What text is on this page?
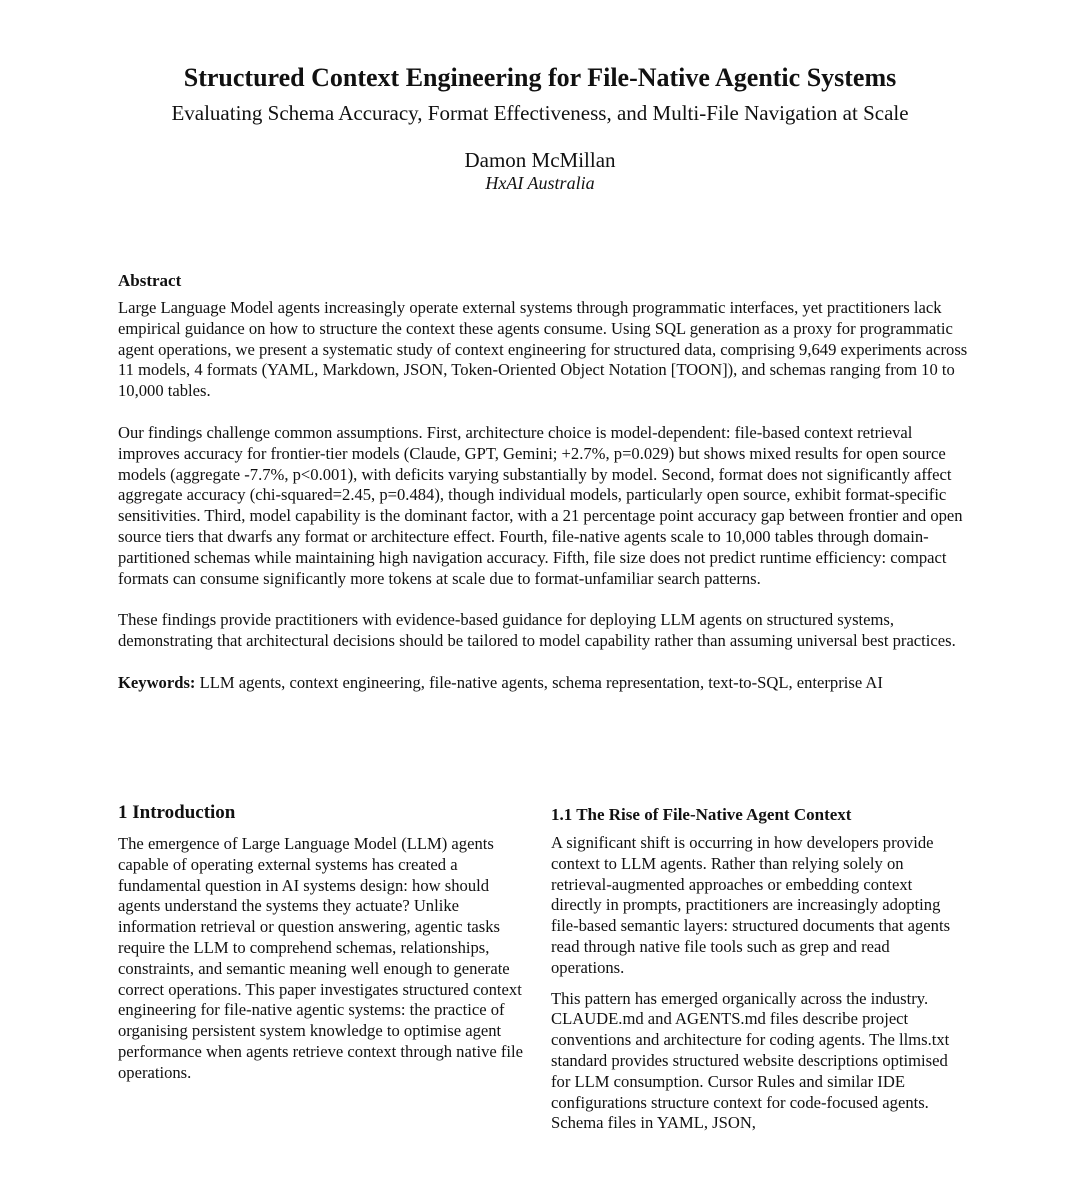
Structured Context Engineering for File-Native Agentic Systems
Evaluating Schema Accuracy, Format Effectiveness, and Multi-File Navigation at Scale
Damon McMillan
HxAI Australia
Abstract

Large Language Model agents increasingly operate external systems through programmatic interfaces, yet practitioners lack empirical guidance on how to structure the context these agents consume. Using SQL generation as a proxy for programmatic agent operations, we present a systematic study of context engineering for structured data, comprising 9,649 experiments across 11 models, 4 formats (YAML, Markdown, JSON, Token-Oriented Object Notation [TOON]), and schemas ranging from 10 to 10,000 tables.

Our findings challenge common assumptions. First, architecture choice is model-dependent: file-based context retrieval improves accuracy for frontier-tier models (Claude, GPT, Gemini; +2.7%, p=0.029) but shows mixed results for open source models (aggregate -7.7%, p<0.001), with deficits varying substantially by model. Second, format does not significantly affect aggregate accuracy (chi-squared=2.45, p=0.484), though individual models, particularly open source, exhibit format-specific sensitivities. Third, model capability is the dominant factor, with a 21 percentage point accuracy gap between frontier and open source tiers that dwarfs any format or architecture effect. Fourth, file-native agents scale to 10,000 tables through domain-partitioned schemas while maintaining high navigation accuracy. Fifth, file size does not predict runtime efficiency: compact formats can consume significantly more tokens at scale due to format-unfamiliar search patterns.

These findings provide practitioners with evidence-based guidance for deploying LLM agents on structured systems, demonstrating that architectural decisions should be tailored to model capability rather than assuming universal best practices.

Keywords: LLM agents, context engineering, file-native agents, schema representation, text-to-SQL, enterprise AI

1 Introduction

The emergence of Large Language Model (LLM) agents capable of operating external systems has created a fundamental question in AI systems design: how should agents understand the systems they actuate? Unlike information retrieval or question answering, agentic tasks require the LLM to comprehend schemas, relationships, constraints, and semantic meaning well enough to generate correct operations. This paper investigates structured context engineering for file-native agentic systems: the practice of organising persistent system knowledge to optimise agent performance when agents retrieve context through native file operations.

1.1 The Rise of File-Native Agent Context

A significant shift is occurring in how developers provide context to LLM agents. Rather than relying solely on retrieval-augmented approaches or embedding context directly in prompts, practitioners are increasingly adopting file-based semantic layers: structured documents that agents read through native file tools such as grep and read operations.

This pattern has emerged organically across the industry. CLAUDE.md and AGENTS.md files describe project conventions and architecture for coding agents. The llms.txt standard provides structured website descriptions optimised for LLM consumption. Cursor Rules and similar IDE configurations structure context for code-focused agents. Schema files in YAML, JSON,
